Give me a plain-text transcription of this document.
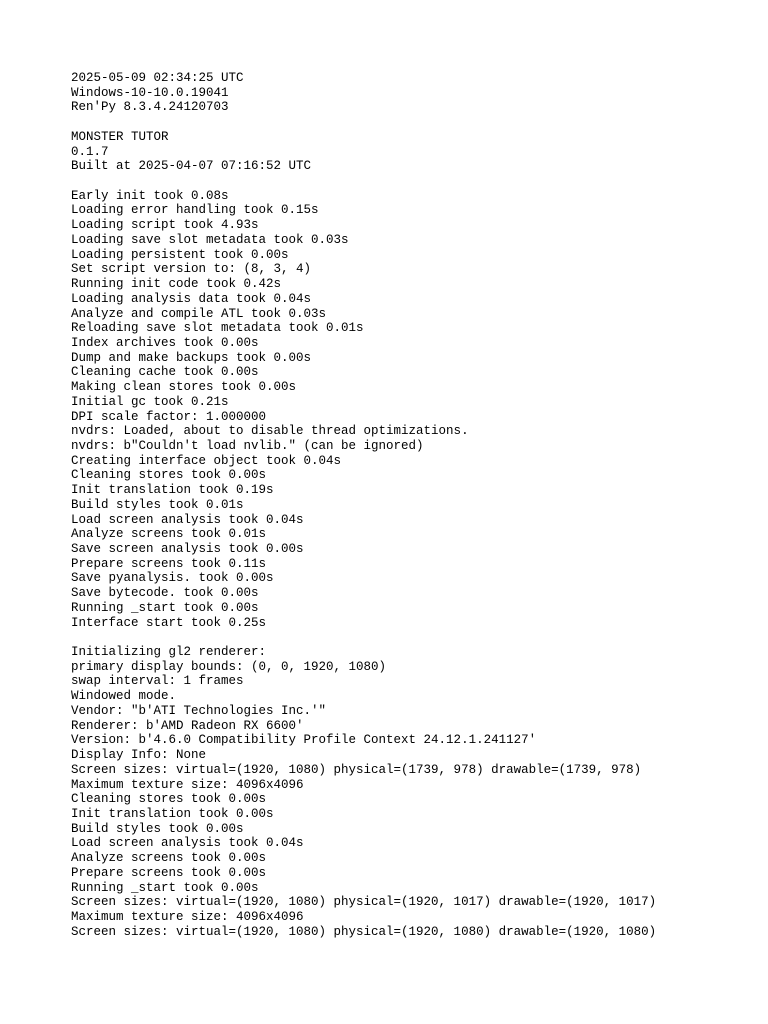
2025-05-09 02:34:25 UTC
Windows-10-10.0.19041
Ren'Py 8.3.4.24120703
MONSTER TUTOR
0.1.7
Built at 2025-04-07 07:16:52 UTC
Early init took 0.08s
Loading error handling took 0.15s
Loading script took 4.93s
Loading save slot metadata took 0.03s
Loading persistent took 0.00s
Set script version to: (8, 3, 4)
Running init code took 0.42s
Loading analysis data took 0.04s
Analyze and compile ATL took 0.03s
Reloading save slot metadata took 0.01s
Index archives took 0.00s
Dump and make backups took 0.00s
Cleaning cache took 0.00s
Making clean stores took 0.00s
Initial gc took 0.21s
DPI scale factor: 1.000000
nvdrs: Loaded, about to disable thread optimizations.
nvdrs: b"Couldn't load nvlib." (can be ignored)
Creating interface object took 0.04s
Cleaning stores took 0.00s
Init translation took 0.19s
Build styles took 0.01s
Load screen analysis took 0.04s
Analyze screens took 0.01s
Save screen analysis took 0.00s
Prepare screens took 0.11s
Save pyanalysis. took 0.00s
Save bytecode. took 0.00s
Running _start took 0.00s
Interface start took 0.25s
Initializing gl2 renderer:
primary display bounds: (0, 0, 1920, 1080)
swap interval: 1 frames
Windowed mode.
Vendor: "b'ATI Technologies Inc.'"
Renderer: b'AMD Radeon RX 6600'
Version: b'4.6.0 Compatibility Profile Context 24.12.1.241127'
Display Info: None
Screen sizes: virtual=(1920, 1080) physical=(1739, 978) drawable=(1739, 978)
Maximum texture size: 4096x4096
Cleaning stores took 0.00s
Init translation took 0.00s
Build styles took 0.00s
Load screen analysis took 0.04s
Analyze screens took 0.00s
Prepare screens took 0.00s
Running _start took 0.00s
Screen sizes: virtual=(1920, 1080) physical=(1920, 1017) drawable=(1920, 1017)
Maximum texture size: 4096x4096
Screen sizes: virtual=(1920, 1080) physical=(1920, 1080) drawable=(1920, 1080)
